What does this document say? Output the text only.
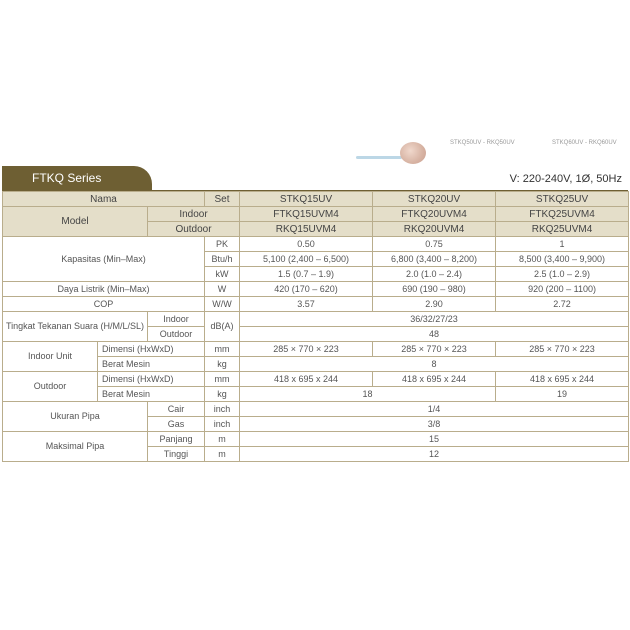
STKQ50UV - RKQ50UV	STKQ60UV - RKQ60UV
FTKQ Series	V: 220-240V, 1Ø, 50Hz
Nama			Set	STKQ15UV	STKQ20UV	STKQ25UV
Model		Indoor		FTKQ15UVM4	FTKQ20UVM4	FTKQ25UVM4
		Outdoor		RKQ15UVM4	RKQ20UVM4	RKQ25UVM4
Kapasitas (Min–Max)			PK	0.50	0.75	1
			Btu/h	5,100 (2,400 – 6,500)	6,800 (3,400 – 8,200)	8,500 (3,400 – 9,900)
			kW	1.5 (0.7 – 1.9)	2.0 (1.0 – 2.4)	2.5 (1.0 – 2.9)
Daya Listrik (Min–Max)			W	420 (170 – 620)	690 (190 – 980)	920 (200 – 1100)
COP			W/W	3.57	2.90	2.72
Tingkat Tekanan Suara (H/M/L/SL)		Indoor	dB(A)	36/32/27/23		
		Outdoor		48		
Indoor Unit	Dimensi (HxWxD)		mm	285 × 770 × 223	285 × 770 × 223	285 × 770 × 223
	Berat Mesin		kg	8		
Outdoor	Dimensi (HxWxD)		mm	418 x 695 x 244	418 x 695 x 244	418 x 695 x 244
	Berat Mesin		kg	18		19
Ukuran Pipa		Cair	inch	1/4		
		Gas	inch	3/8		
Maksimal Pipa		Panjang	m	15		
		Tinggi	m	12		
